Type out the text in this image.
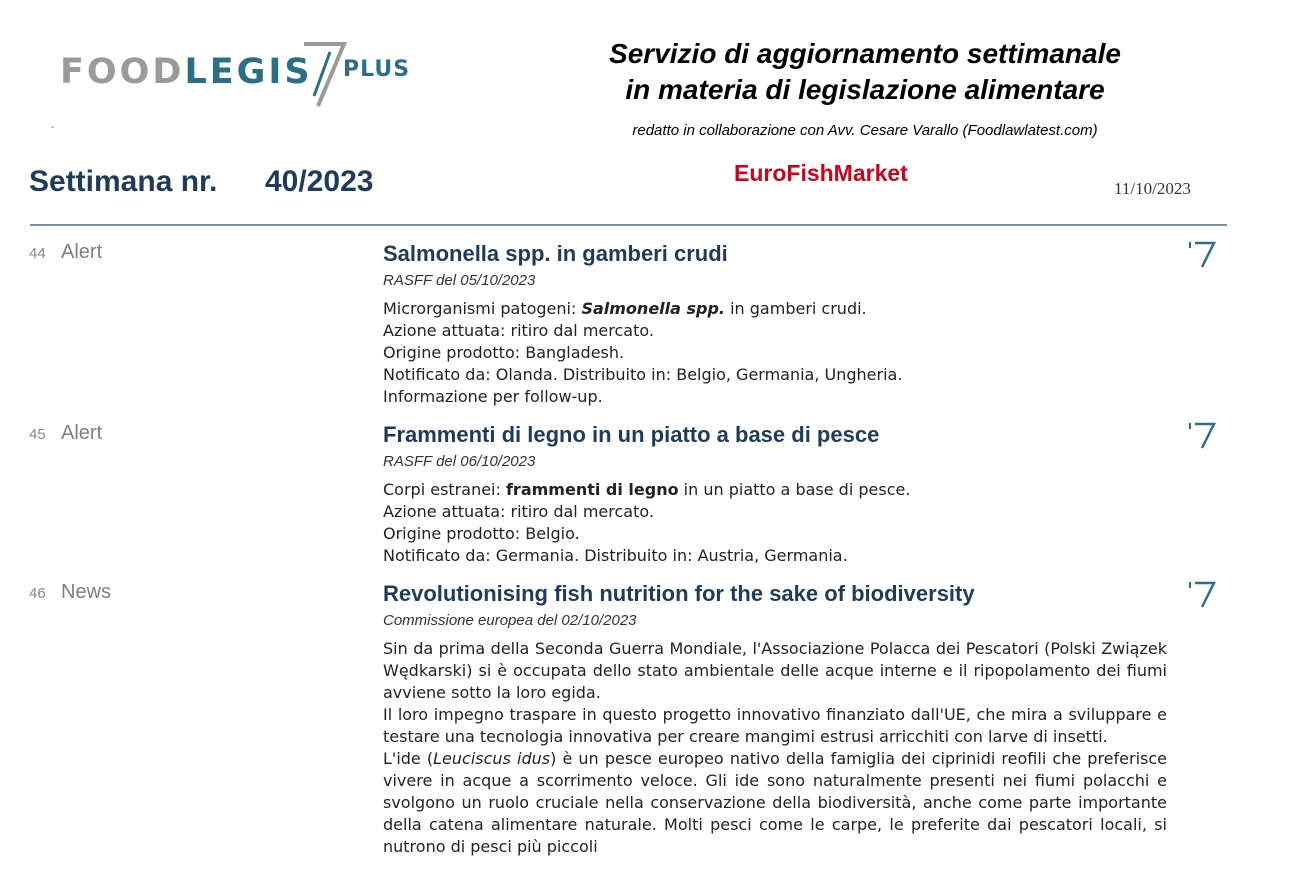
FOODLEGIS PLUS
-
Servizio di aggiornamento settimanale
in materia di legislazione alimentare
redatto in collaborazione con Avv. Cesare Varallo (Foodlawlatest.com)
EuroFishMarket
Settimana nr. 40/2023	11/10/2023
44 Alert	Salmonella spp. in gamberi crudi
RASFF del 05/10/2023

Microrganismi patogeni: Salmonella spp. in gamberi crudi.

Azione attuata: ritiro dal mercato.

Origine prodotto: Bangladesh.

Notificato da: Olanda. Distribuito in: Belgio, Germania, Ungheria.

Informazione per follow-up.

45 Alert	Frammenti di legno in un piatto a base di pesce
RASFF del 06/10/2023

Corpi estranei: frammenti di legno in un piatto a base di pesce.

Azione attuata: ritiro dal mercato.

Origine prodotto: Belgio.

Notificato da: Germania. Distribuito in: Austria, Germania.

46 News	Revolutionising fish nutrition for the sake of biodiversity
Commissione europea del 02/10/2023

Sin da prima della Seconda Guerra Mondiale, l'Associazione Polacca dei Pescatori (Polski Związek Wędkarski) si è occupata dello stato ambientale delle acque interne e il ripopolamento dei fiumi avviene sotto la loro egida.

Il loro impegno traspare in questo progetto innovativo finanziato dall'UE, che mira a sviluppare e testare una tecnologia innovativa per creare mangimi estrusi arricchiti con larve di insetti.

L'ide (Leuciscus idus) è un pesce europeo nativo della famiglia dei ciprinidi reofili che preferisce vivere in acque a scorrimento veloce. Gli ide sono naturalmente presenti nei fiumi polacchi e svolgono un ruolo cruciale nella conservazione della biodiversità, anche come parte importante della catena alimentare naturale. Molti pesci come le carpe, le preferite dai pescatori locali, si nutrono di pesci più piccoli
